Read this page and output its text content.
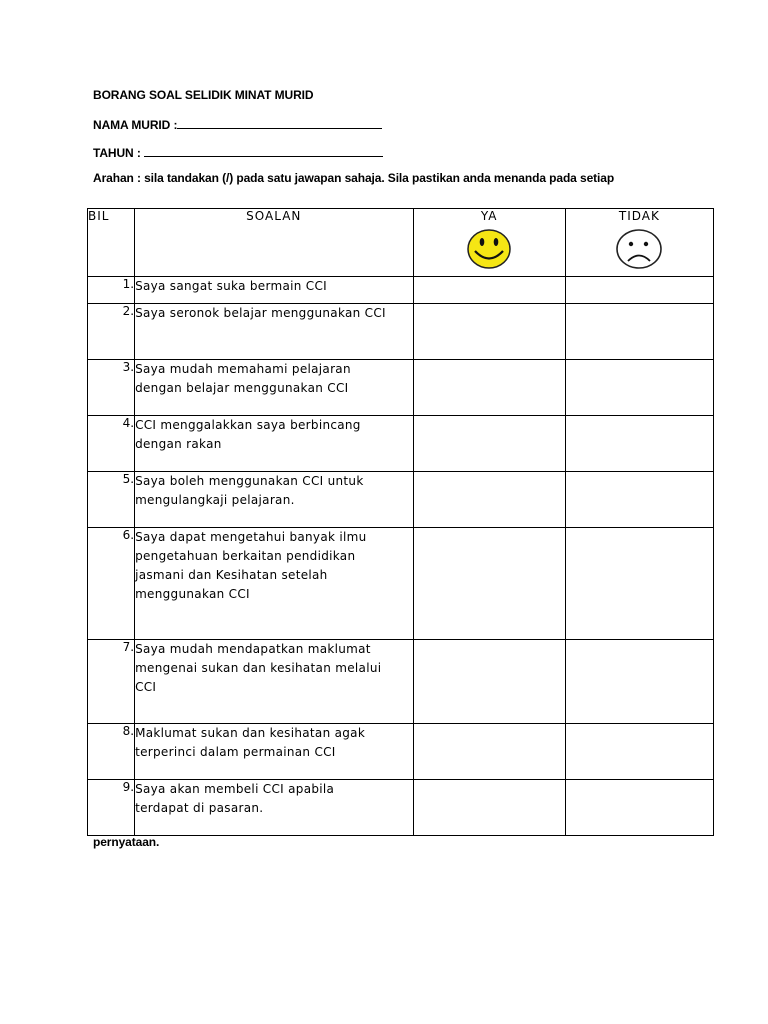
BORANG SOAL SELIDIK MINAT MURID
NAMA MURID :
TAHUN :
Arahan : sila tandakan (/) pada satu jawapan sahaja. Sila pastikan anda menanda pada setiap
BIL	SOALAN	YA	TIDAK

1.	Saya sangat suka bermain CCI		

2.	Saya seronok belajar menggunakan CCI		

3.	Saya mudah memahami pelajaran
dengan belajar menggunakan CCI		

4.	CCI menggalakkan saya berbincang
dengan rakan		

5.	Saya boleh menggunakan CCI untuk
mengulangkaji pelajaran.		

6.	Saya dapat mengetahui banyak ilmu
pengetahuan berkaitan pendidikan
jasmani dan Kesihatan setelah
menggunakan CCI		

7.	Saya mudah mendapatkan maklumat
mengenai sukan dan kesihatan melalui
CCI		

8.	Maklumat sukan dan kesihatan agak
terperinci dalam permainan CCI		

9.	Saya akan membeli CCI apabila
terdapat di pasaran.		

pernyataan.
